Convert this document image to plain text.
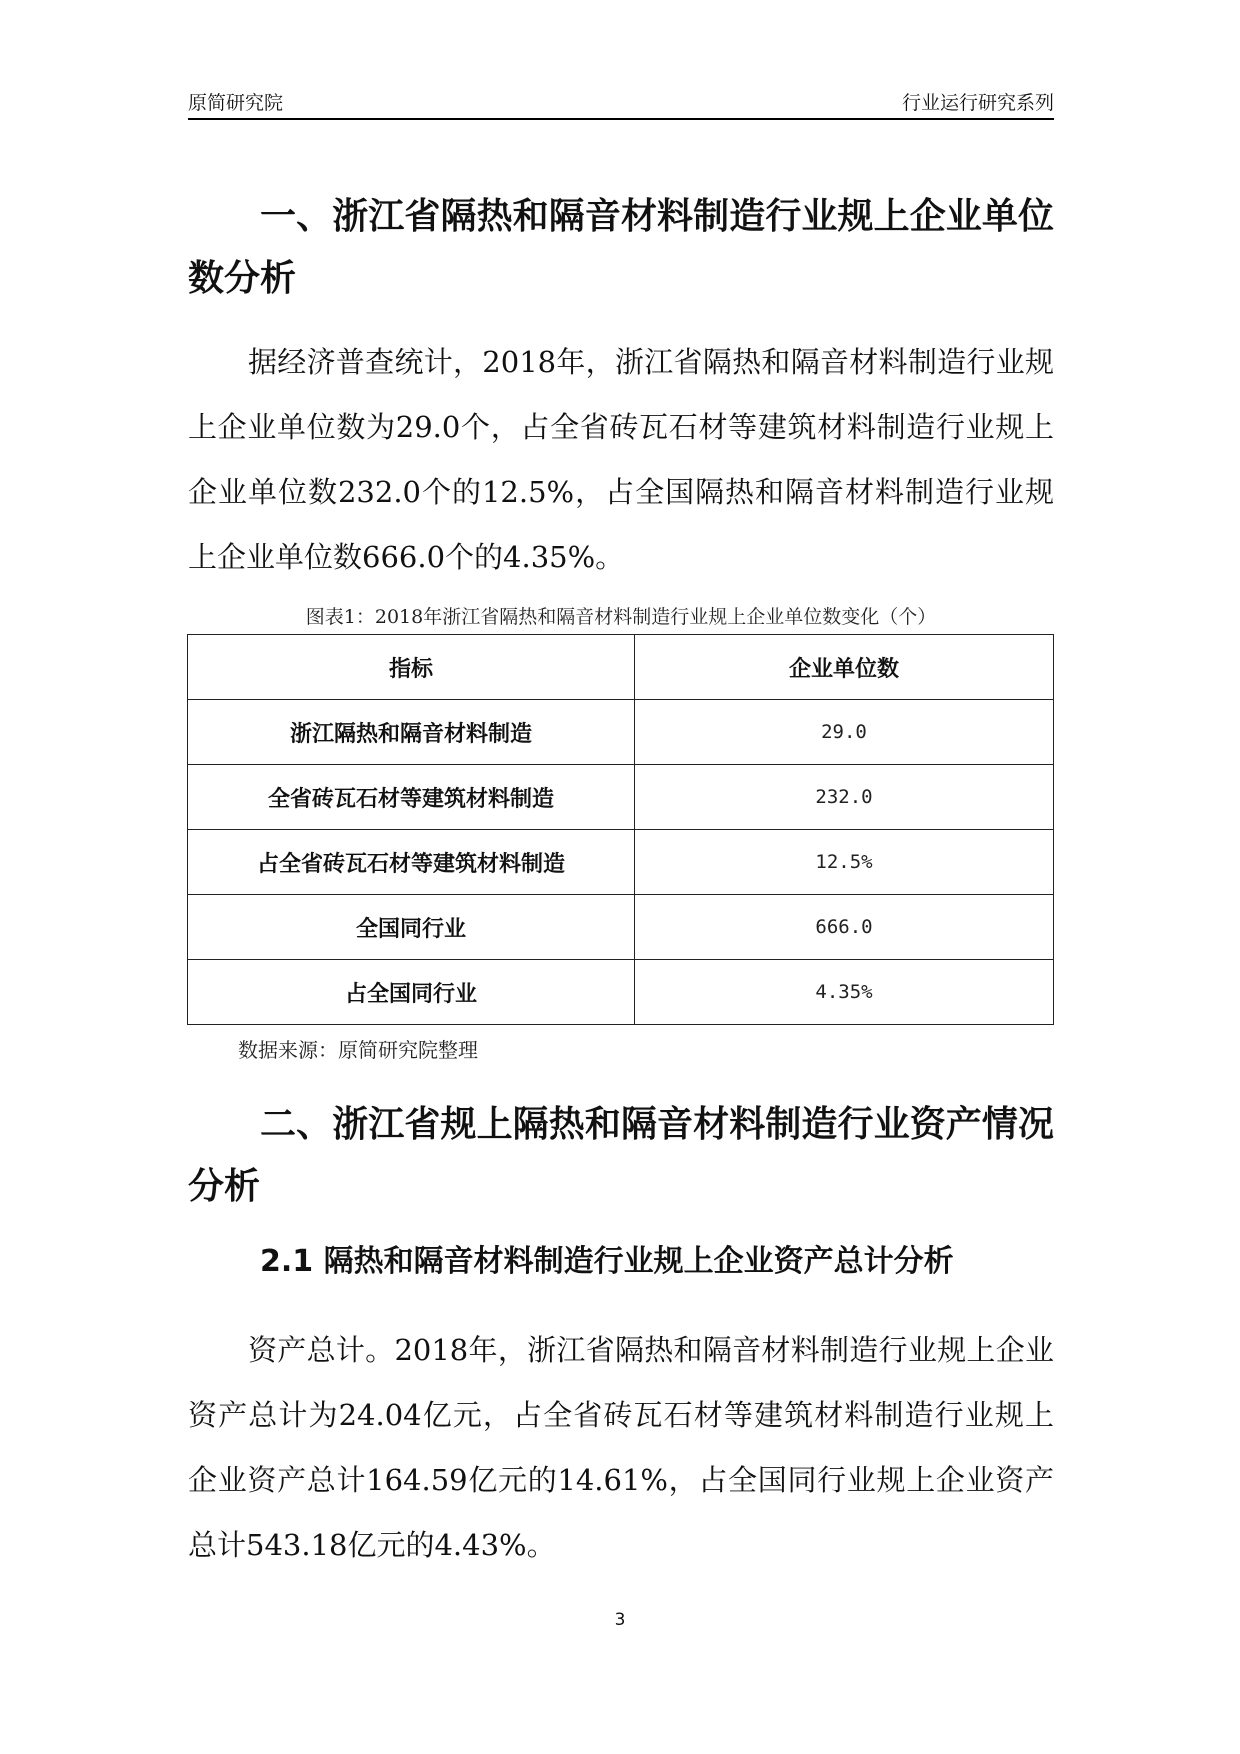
原简研究院	行业运行研究系列
一、浙江省隔热和隔音材料制造行业规上企业单位数分析

据经济普查统计，2018年，浙江省隔热和隔音材料制造行业规上企业单位数为29.0个，占全省砖瓦石材等建筑材料制造行业规上企业单位数232.0个的12.5%，占全国隔热和隔音材料制造行业规上企业单位数666.0个的4.35%。

图表1：2018年浙江省隔热和隔音材料制造行业规上企业单位数变化（个）
指标	企业单位数
浙江隔热和隔音材料制造	29.0
全省砖瓦石材等建筑材料制造	232.0
占全省砖瓦石材等建筑材料制造	12.5%
全国同行业	666.0
占全国同行业	4.35%
数据来源：原简研究院整理
二、浙江省规上隔热和隔音材料制造行业资产情况分析
2.1 隔热和隔音材料制造行业规上企业资产总计分析

资产总计。2018年，浙江省隔热和隔音材料制造行业规上企业资产总计为24.04亿元，占全省砖瓦石材等建筑材料制造行业规上企业资产总计164.59亿元的14.61%，占全国同行业规上企业资产总计543.18亿元的4.43%。

3
